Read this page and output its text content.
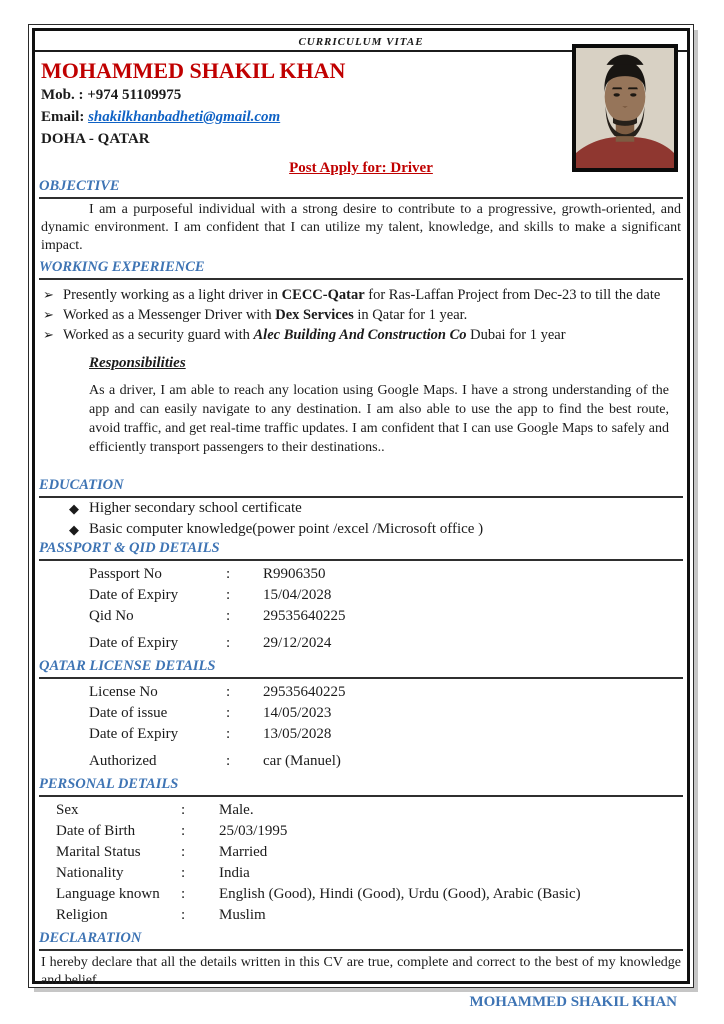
CURRICULUM VITAE
MOHAMMED SHAKIL KHAN
Mob. : +974 51109975
Email: shakilkhanbadheti@gmail.com
DOHA - QATAR
Post Apply for: Driver
OBJECTIVE

I am a purposeful individual with a strong desire to contribute to a progressive, growth-oriented, and dynamic environment. I am confident that I can utilize my talent, knowledge, and skills to make a significant impact.

WORKING EXPERIENCE
➢ Presently working as a light driver in CECC-Qatar for Ras-Laffan Project from Dec-23 to till the date
➢ Worked as a Messenger Driver with Dex Services in Qatar for 1 year.
➢ Worked as a security guard with Alec Building And Construction Co Dubai for 1 year
Responsibilities

As a driver, I am able to reach any location using Google Maps. I have a strong understanding of the app and can easily navigate to any destination. I am also able to use the app to find the best route, avoid traffic, and get real-time traffic updates. I am confident that I can use Google Maps to safely and efficiently transport passengers to their destinations..

EDUCATION
◆ Higher secondary school certificate
◆ Basic computer knowledge(power point /excel /Microsoft office )
PASSPORT & QID DETAILS
Passport No	:	R9906350
Date of Expiry	:	15/04/2028
Qid No	:	29535640225
Date of Expiry	:	29/12/2024
QATAR LICENSE DETAILS
License No	:	29535640225
Date of issue	:	14/05/2023
Date of Expiry	:	13/05/2028
Authorized	:	car (Manuel)
PERSONAL DETAILS
Sex	:	Male.
Date of Birth	:	25/03/1995
Marital Status	:	Married
Nationality	:	India
Language known	:	English (Good), Hindi (Good), Urdu (Good), Arabic (Basic)
Religion	:	Muslim
DECLARATION

I hereby declare that all the details written in this CV are true, complete and correct to the best of my knowledge and belief.

MOHAMMED SHAKIL KHAN
